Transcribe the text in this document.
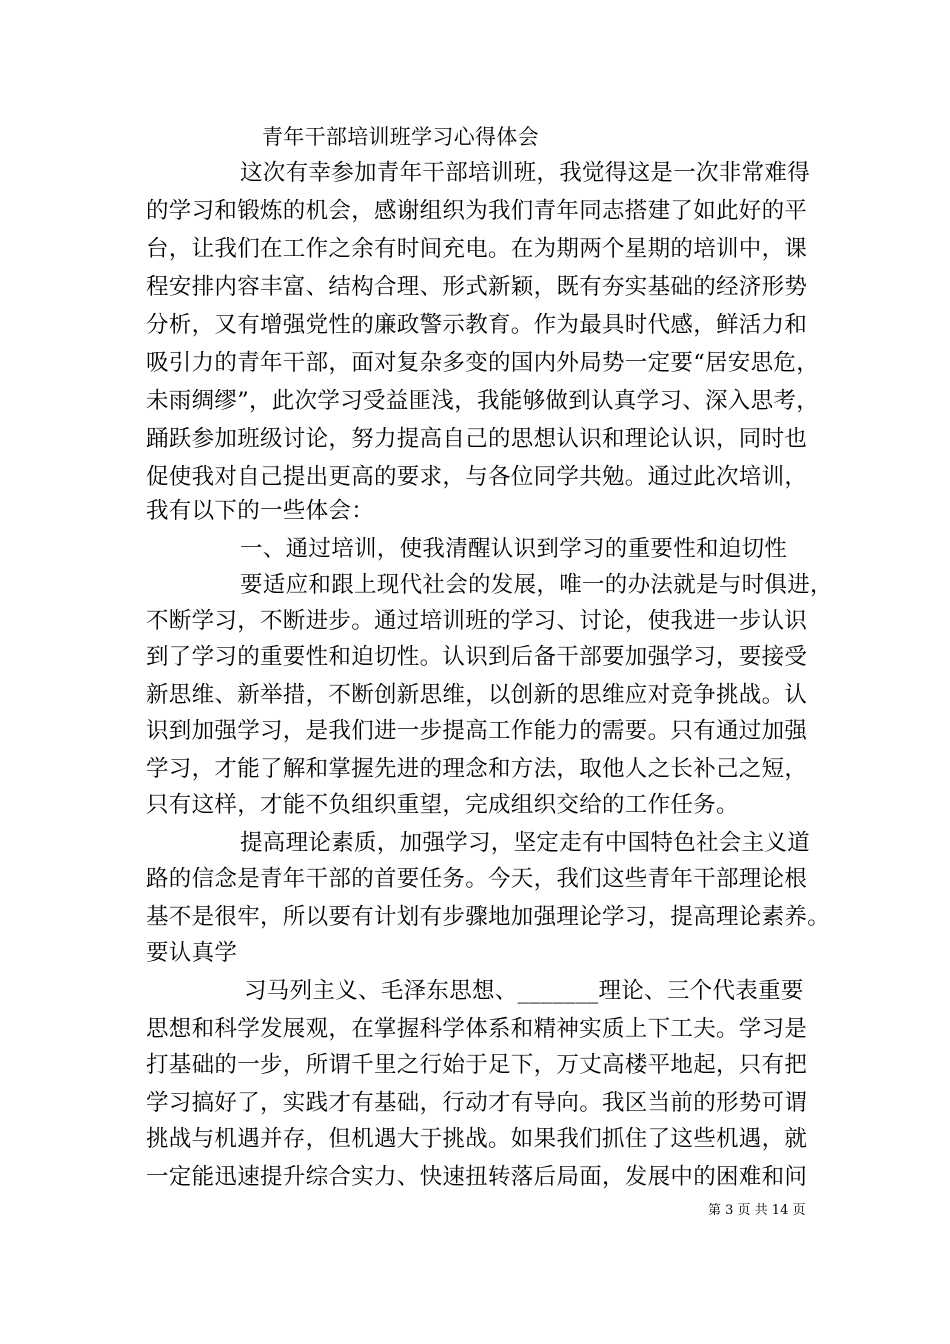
青年干部培训班学习心得体会
这次有幸参加青年干部培训班，我觉得这是一次非常难得
的学习和锻炼的机会，感谢组织为我们青年同志搭建了如此好的平
台，让我们在工作之余有时间充电。在为期两个星期的培训中，课
程安排内容丰富、结构合理、形式新颖，既有夯实基础的经济形势
分析，又有增强党性的廉政警示教育。作为最具时代感，鲜活力和
吸引力的青年干部，面对复杂多变的国内外局势一定要“居安思危，
未雨绸缪”，此次学习受益匪浅，我能够做到认真学习、深入思考，
踊跃参加班级讨论，努力提高自己的思想认识和理论认识，同时也
促使我对自己提出更高的要求，与各位同学共勉。通过此次培训，
我有以下的一些体会：
一、通过培训，使我清醒认识到学习的重要性和迫切性
要适应和跟上现代社会的发展，唯一的办法就是与时俱进，
不断学习，不断进步。通过培训班的学习、讨论，使我进一步认识
到了学习的重要性和迫切性。认识到后备干部要加强学习，要接受
新思维、新举措，不断创新思维，以创新的思维应对竞争挑战。认
识到加强学习，是我们进一步提高工作能力的需要。只有通过加强
学习，才能了解和掌握先进的理念和方法，取他人之长补己之短，
只有这样，才能不负组织重望，完成组织交给的工作任务。
提高理论素质，加强学习，坚定走有中国特色社会主义道
路的信念是青年干部的首要任务。今天，我们这些青年干部理论根
基不是很牢，所以要有计划有步骤地加强理论学习，提高理论素养。
要认真学
习马列主义、毛泽东思想、_______理论、三个代表重要
思想和科学发展观，在掌握科学体系和精神实质上下工夫。学习是
打基础的一步，所谓千里之行始于足下，万丈高楼平地起，只有把
学习搞好了，实践才有基础，行动才有导向。我区当前的形势可谓
挑战与机遇并存，但机遇大于挑战。如果我们抓住了这些机遇，就
一定能迅速提升综合实力、快速扭转落后局面，发展中的困难和问
第 3 页 共 14 页
